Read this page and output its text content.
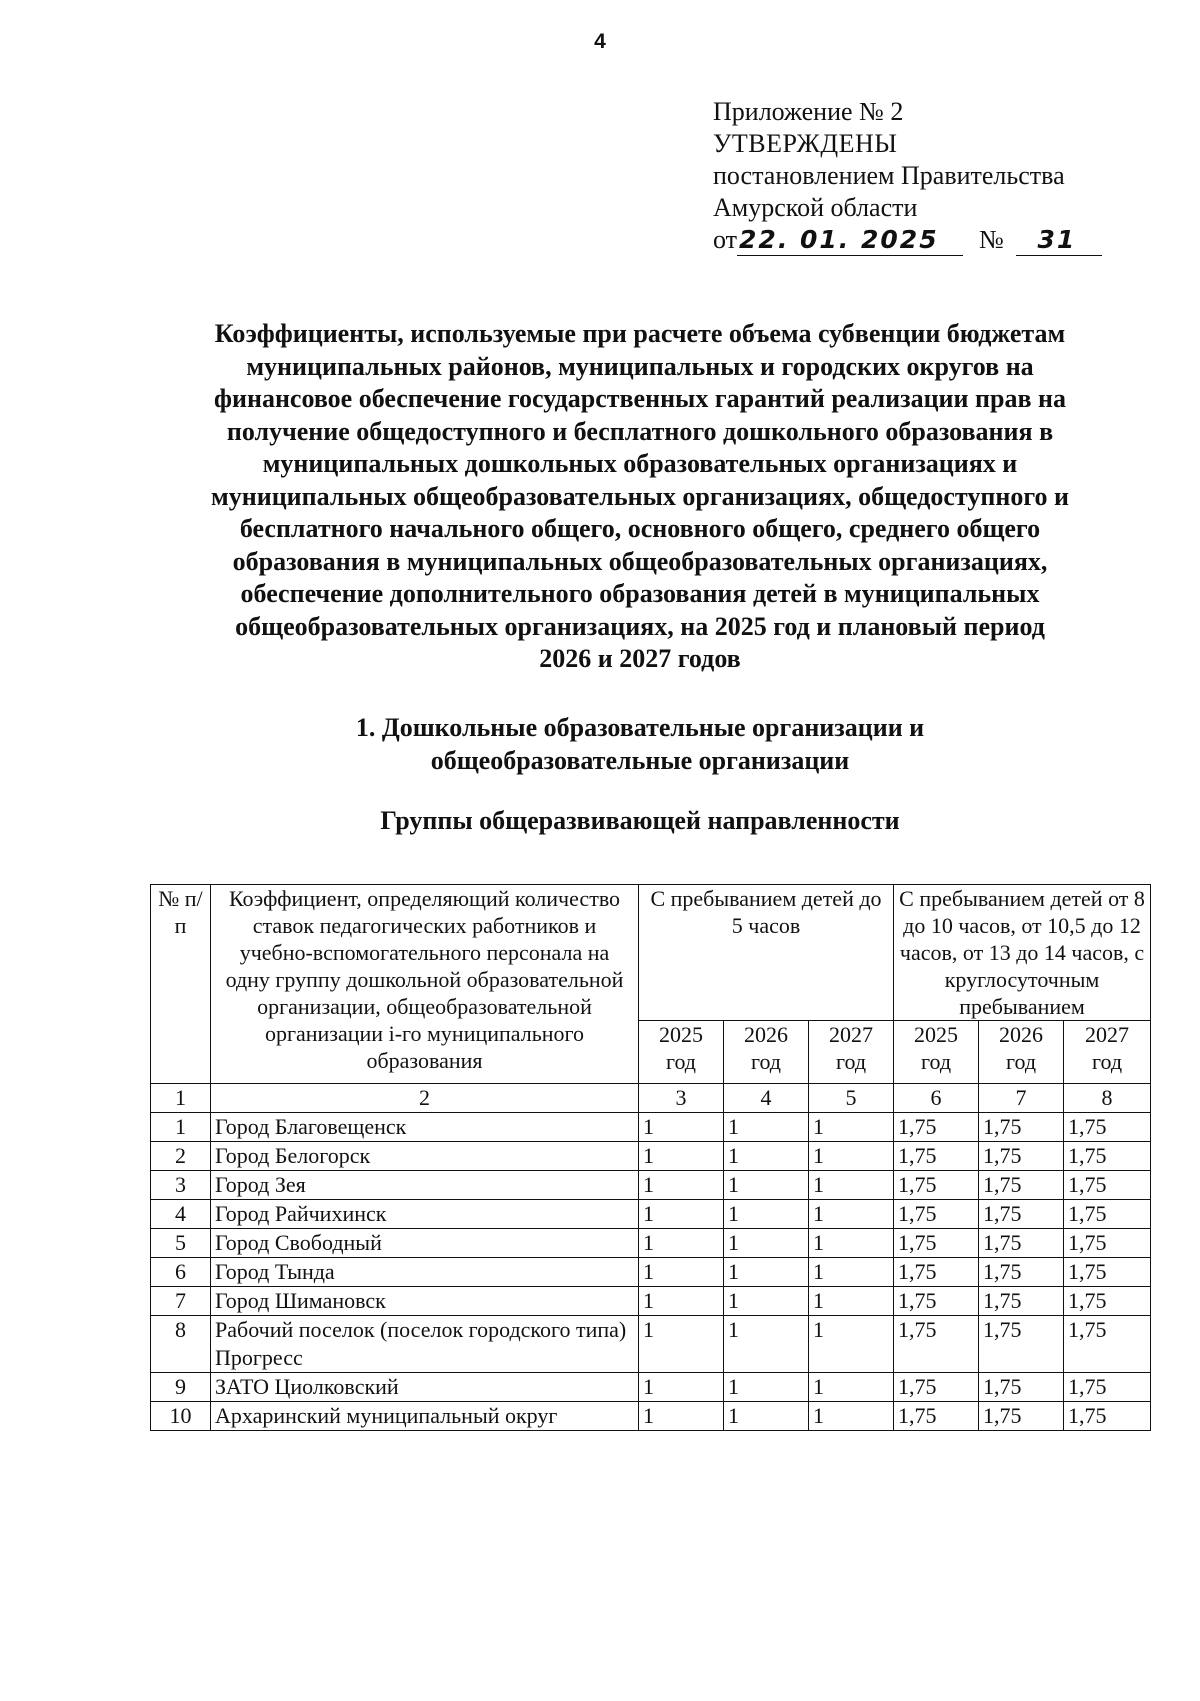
4
Приложение № 2
УТВЕРЖДЕНЫ
постановлением Правительства
Амурской области
от 22. 01. 2025	№	31
Коэффициенты, используемые при расчете объема субвенции бюджетам
муниципальных районов, муниципальных и городских округов на
финансовое обеспечение государственных гарантий реализации прав на
получение общедоступного и бесплатного дошкольного образования в
муниципальных дошкольных образовательных организациях и
муниципальных общеобразовательных организациях, общедоступного и
бесплатного начального общего, основного общего, среднего общего
образования в муниципальных общеобразовательных организациях,
обеспечение дополнительного образования детей в муниципальных
общеобразовательных организациях, на 2025 год и плановый период
2026 и 2027 годов
1. Дошкольные образовательные организации и
общеобразовательные организации
Группы общеразвивающей направленности
№ п/п	Коэффициент, определяющий количество ставок педагогических работников и учебно-вспомогательного персонала на одну группу дошкольной образовательной организации, общеобразовательной организации i-го муниципального образования	С пребыванием детей до 5 часов			С пребыванием детей от 8 до 10 часов, от 10,5 до 12 часов, от 13 до 14 часов, с круглосуточным пребыванием		
		2025 год	2026 год	2027 год	2025 год	2026 год	2027 год
1	2	3	4	5	6	7	8
1	Город Благовещенск	1	1	1	1,75	1,75	1,75
2	Город Белогорск	1	1	1	1,75	1,75	1,75
3	Город Зея	1	1	1	1,75	1,75	1,75
4	Город Райчихинск	1	1	1	1,75	1,75	1,75
5	Город Свободный	1	1	1	1,75	1,75	1,75
6	Город Тында	1	1	1	1,75	1,75	1,75
7	Город Шимановск	1	1	1	1,75	1,75	1,75
8	Рабочий поселок (поселок городского типа) Прогресс	1	1	1	1,75	1,75	1,75
9	ЗАТО Циолковский	1	1	1	1,75	1,75	1,75
10	Архаринский муниципальный округ	1	1	1	1,75	1,75	1,75
